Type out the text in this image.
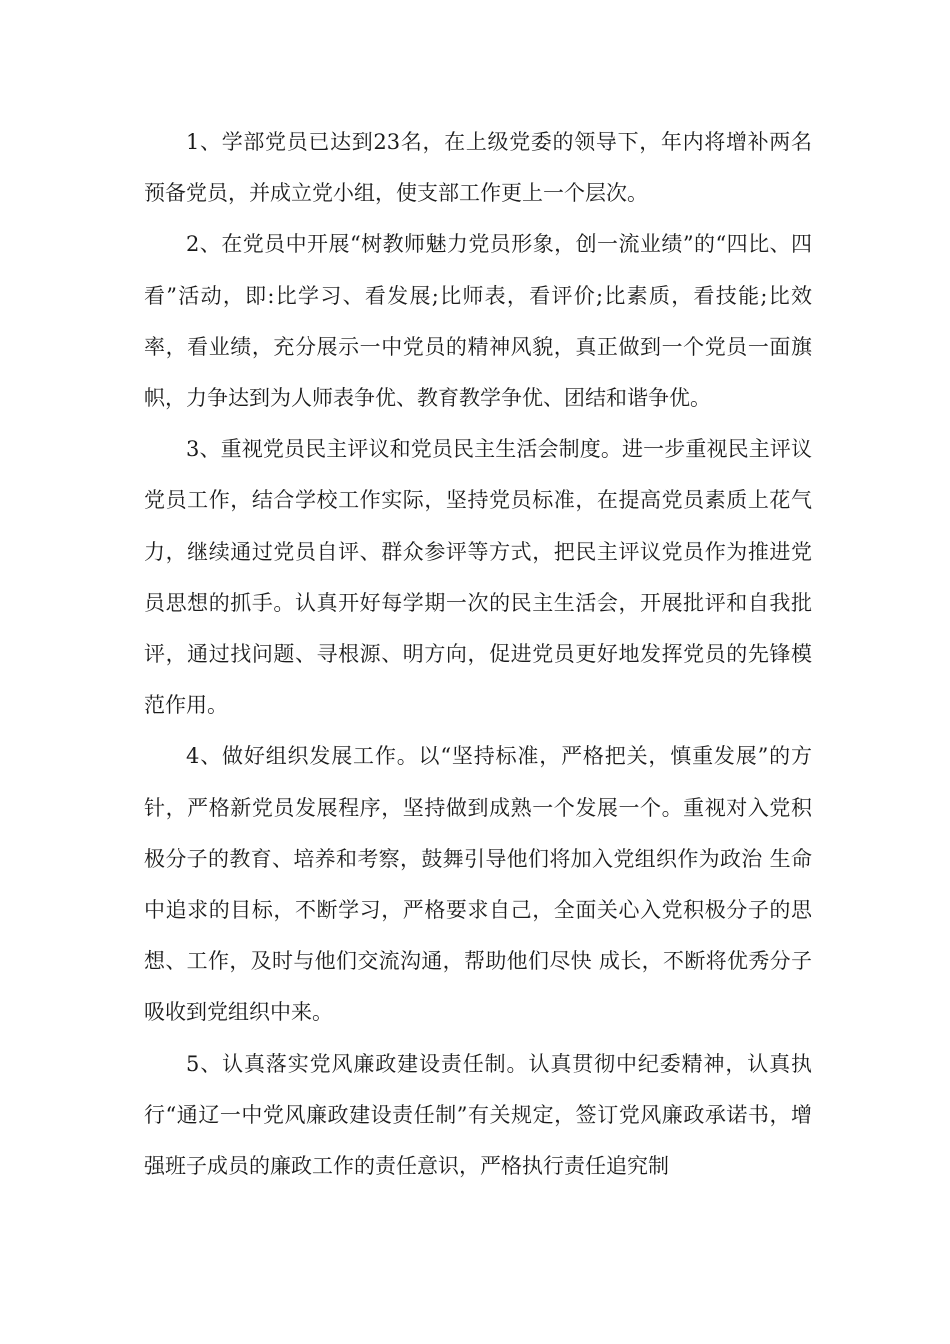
1、学部党员已达到23名，在上级党委的领导下，年内将增补两名预备党员，并成立党小组，使支部工作更上一个层次。

2、在党员中开展“树教师魅力党员形象，创一流业绩”的“四比、四看”活动，即:比学习、看发展;比师表，看评价;比素质，看技能;比效率，看业绩，充分展示一中党员的精神风貌，真正做到一个党员一面旗帜，力争达到为人师表争优、教育教学争优、团结和谐争优。

3、重视党员民主评议和党员民主生活会制度。进一步重视民主评议党员工作，结合学校工作实际，坚持党员标准，在提高党员素质上花气力，继续通过党员自评、群众参评等方式，把民主评议党员作为推进党员思想的抓手。认真开好每学期一次的民主生活会，开展批评和自我批评，通过找问题、寻根源、明方向，促进党员更好地发挥党员的先锋模范作用。

4、做好组织发展工作。以“坚持标准，严格把关，慎重发展”的方针，严格新党员发展程序，坚持做到成熟一个发展一个。重视对入党积极分子的教育、培养和考察，鼓舞引导他们将加入党组织作为政治 生命 中追求的目标，不断学习，严格要求自己，全面关心入党积极分子的思想、工作，及时与他们交流沟通，帮助他们尽快 成长，不断将优秀分子吸收到党组织中来。

5、认真落实党风廉政建设责任制。认真贯彻中纪委精神，认真执行“通辽一中党风廉政建设责任制”有关规定，签订党风廉政承诺书，增强班子成员的廉政工作的责任意识，严格执行责任追究制
